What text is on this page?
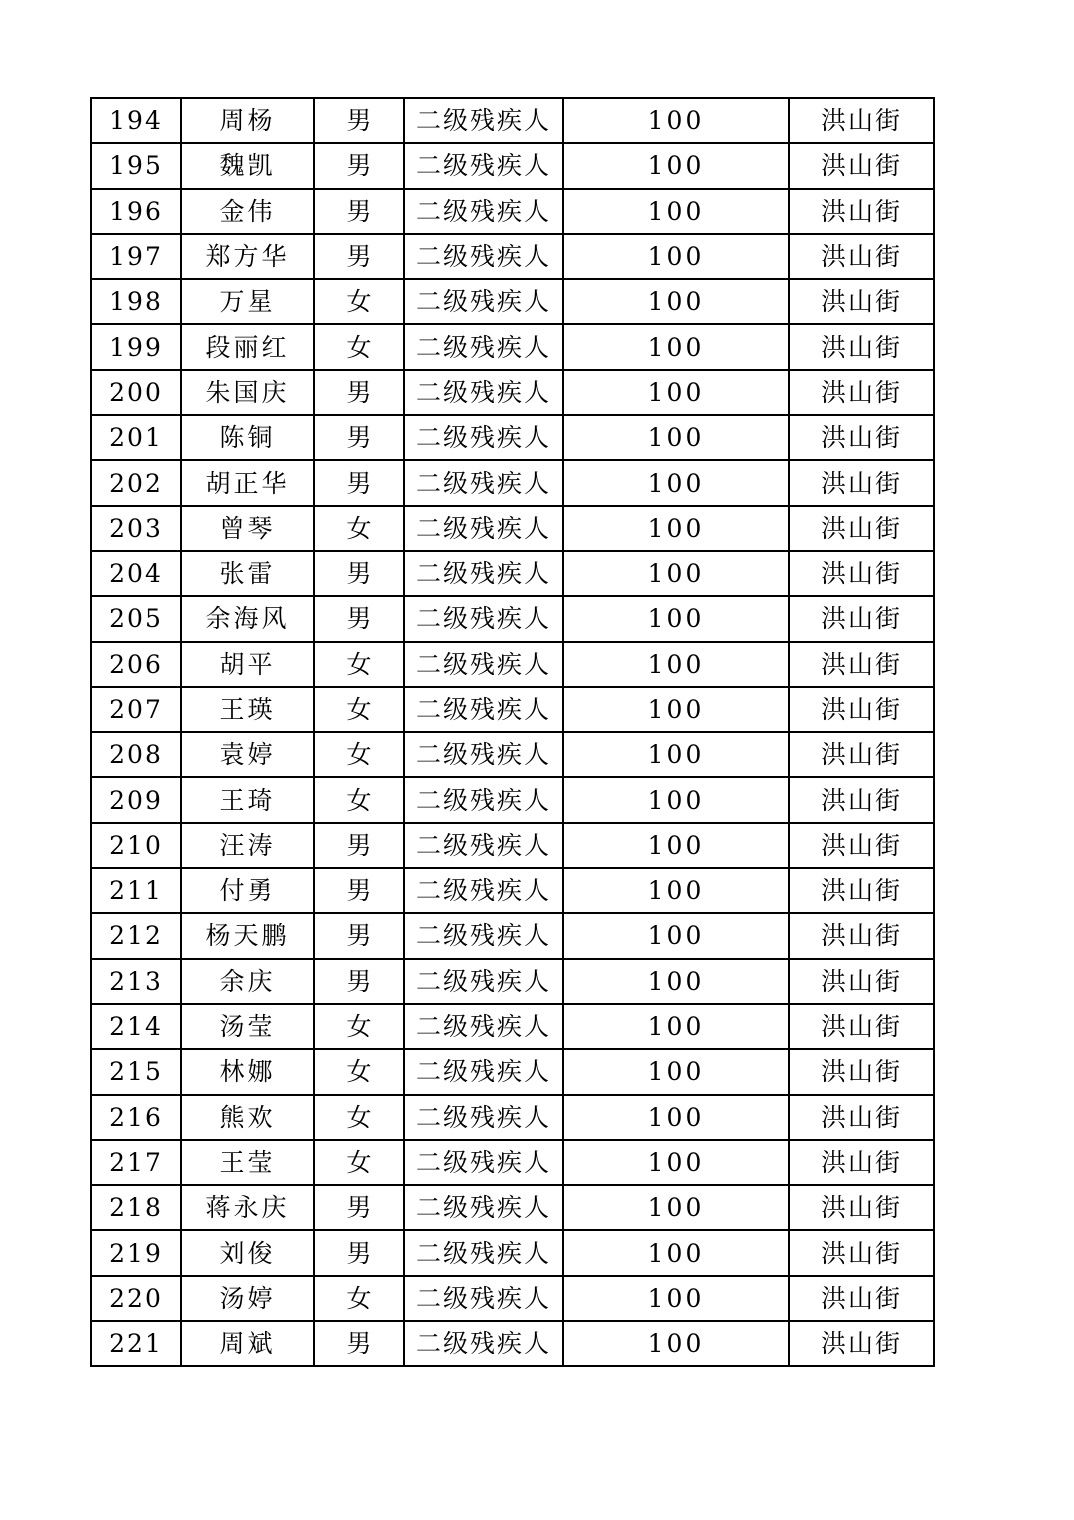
194	周杨	男	二级残疾人	100	洪山街
195	魏凯	男	二级残疾人	100	洪山街
196	金伟	男	二级残疾人	100	洪山街
197	郑方华	男	二级残疾人	100	洪山街
198	万星	女	二级残疾人	100	洪山街
199	段丽红	女	二级残疾人	100	洪山街
200	朱国庆	男	二级残疾人	100	洪山街
201	陈铜	男	二级残疾人	100	洪山街
202	胡正华	男	二级残疾人	100	洪山街
203	曾琴	女	二级残疾人	100	洪山街
204	张雷	男	二级残疾人	100	洪山街
205	余海风	男	二级残疾人	100	洪山街
206	胡平	女	二级残疾人	100	洪山街
207	王瑛	女	二级残疾人	100	洪山街
208	袁婷	女	二级残疾人	100	洪山街
209	王琦	女	二级残疾人	100	洪山街
210	汪涛	男	二级残疾人	100	洪山街
211	付勇	男	二级残疾人	100	洪山街
212	杨天鹏	男	二级残疾人	100	洪山街
213	余庆	男	二级残疾人	100	洪山街
214	汤莹	女	二级残疾人	100	洪山街
215	林娜	女	二级残疾人	100	洪山街
216	熊欢	女	二级残疾人	100	洪山街
217	王莹	女	二级残疾人	100	洪山街
218	蒋永庆	男	二级残疾人	100	洪山街
219	刘俊	男	二级残疾人	100	洪山街
220	汤婷	女	二级残疾人	100	洪山街
221	周斌	男	二级残疾人	100	洪山街
